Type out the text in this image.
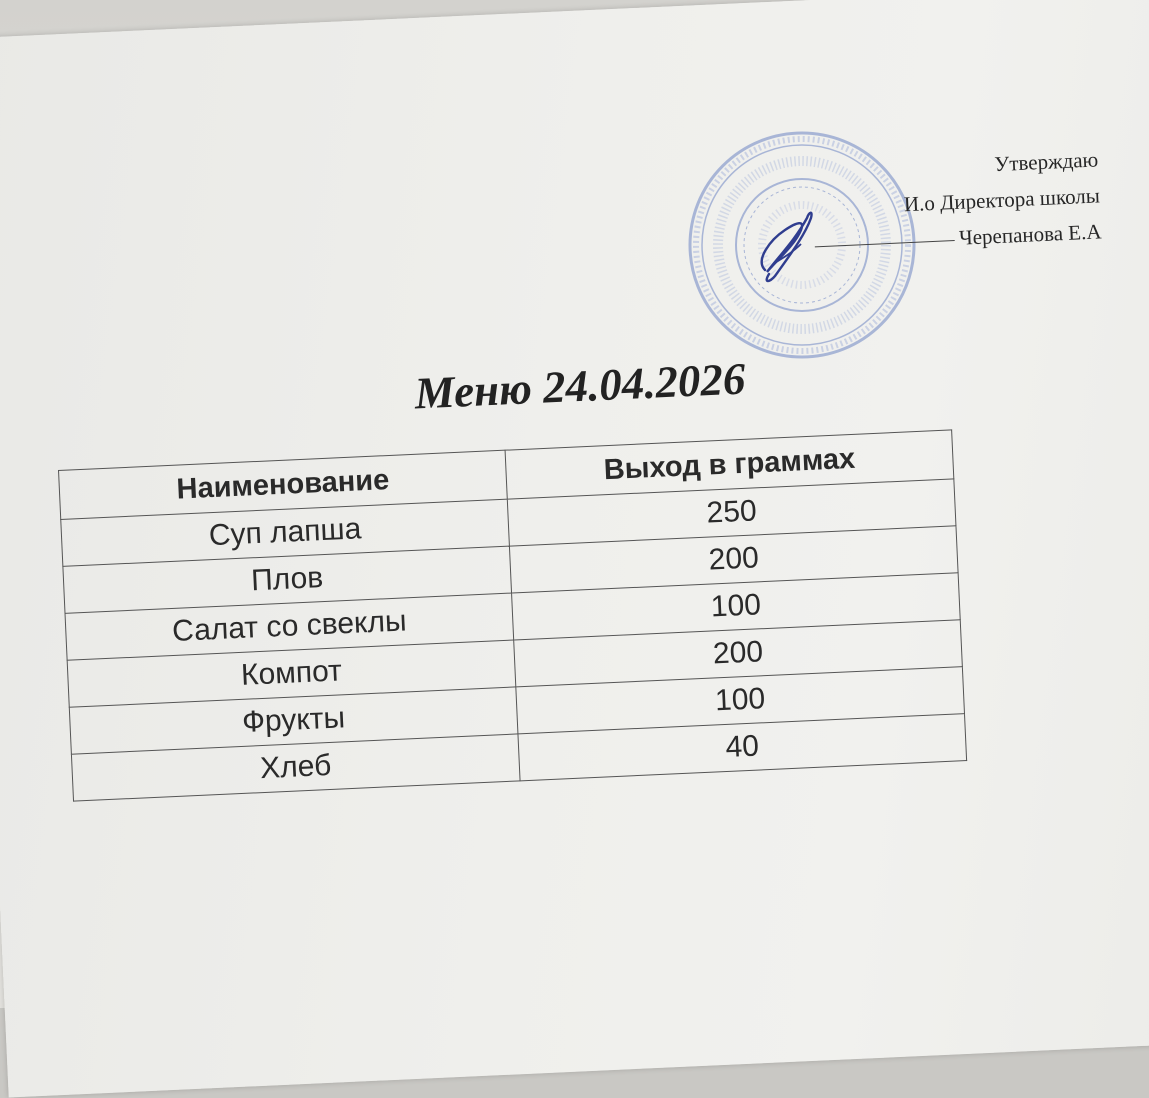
Утверждаю
И.о Директора школы
Черепанова Е.А
Меню 24.04.2026
Наименование	Выход в граммах
Суп лапша	250
Плов	200
Салат со свеклы	100
Компот	200
Фрукты	100
Хлеб	40
